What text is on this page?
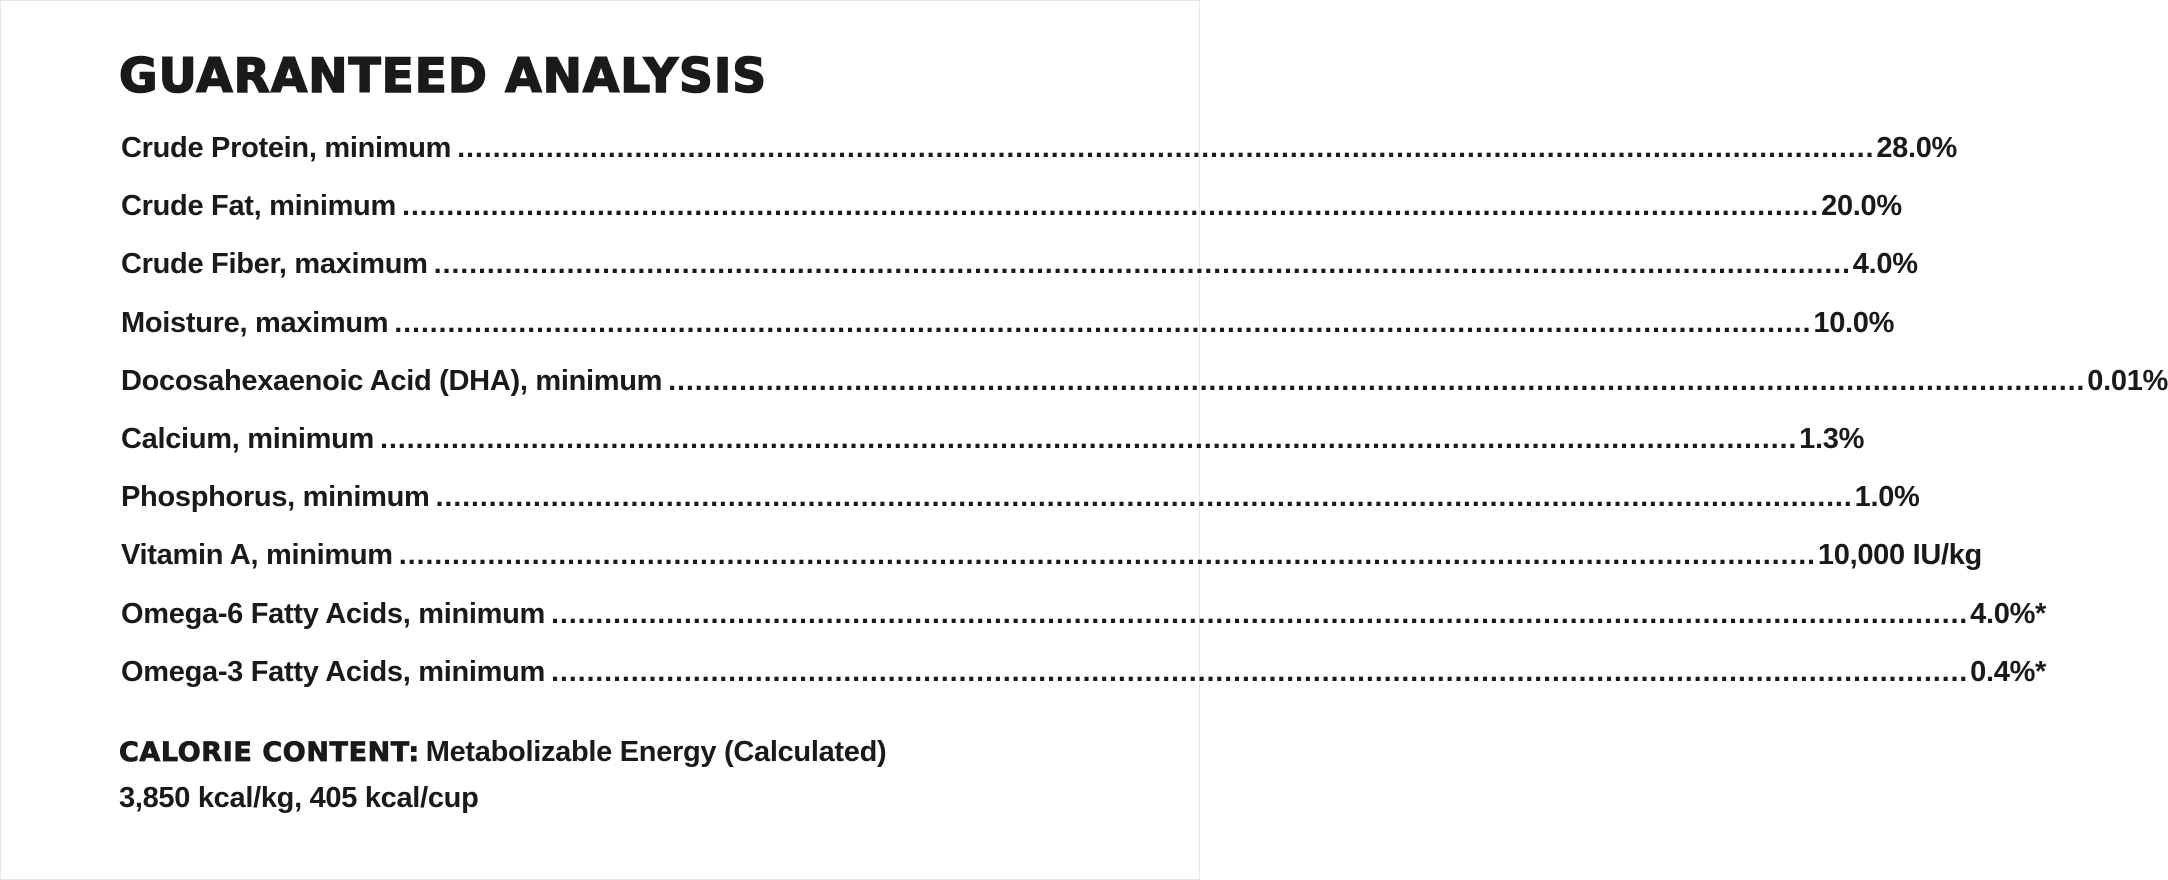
GUARANTEED ANALYSIS
Crude Protein, minimum ................................................................................................................................................................ 28.0%
Crude Fat, minimum ................................................................................................................................................................ 20.0%
Crude Fiber, maximum ................................................................................................................................................................ 4.0%
Moisture, maximum ................................................................................................................................................................ 10.0%
Docosahexaenoic Acid (DHA), minimum ................................................................................................................................................................ 0.01%
Calcium, minimum ................................................................................................................................................................ 1.3%
Phosphorus, minimum ................................................................................................................................................................ 1.0%
Vitamin A, minimum ................................................................................................................................................................ 10,000 IU/kg
Omega-6 Fatty Acids, minimum ................................................................................................................................................................ 4.0%*
Omega-3 Fatty Acids, minimum ................................................................................................................................................................ 0.4%*
CALORIE CONTENT: Metabolizable Energy (Calculated)
3,850 kcal/kg, 405 kcal/cup
